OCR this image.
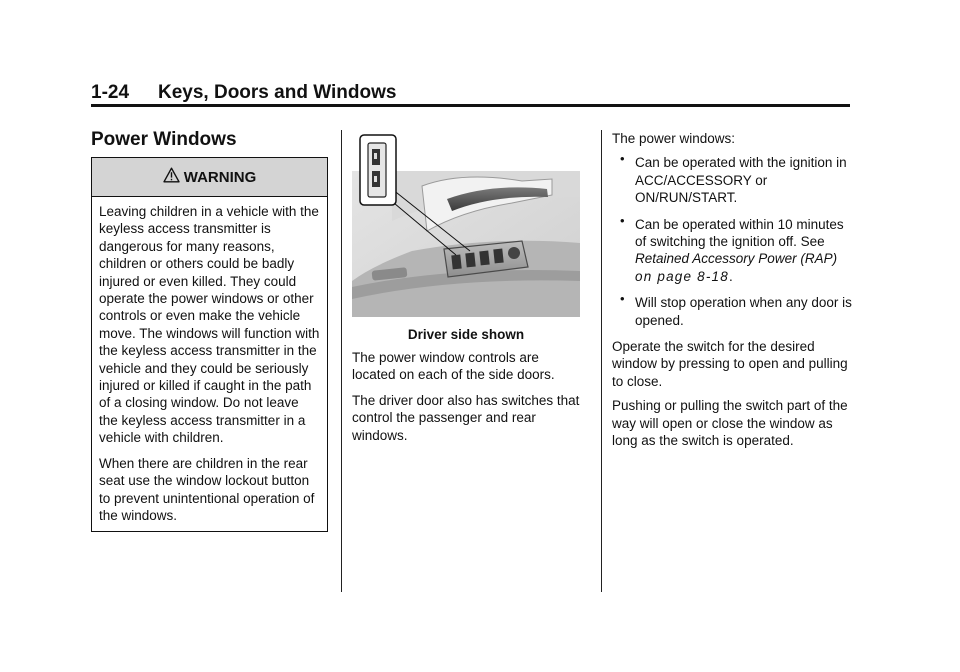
1-24 Keys, Doors and Windows
Power Windows
WARNING

Leaving children in a vehicle with the keyless access transmitter is dangerous for many reasons, children or others could be badly injured or even killed. They could operate the power windows or other controls or even make the vehicle move. The windows will function with the keyless access transmitter in the vehicle and they could be seriously injured or killed if caught in the path of a closing window. Do not leave the keyless access transmitter in a vehicle with children.

When there are children in the rear seat use the window lockout button to prevent unintentional operation of the windows.

Driver side shown

The power window controls are located on each of the side doors.

The driver door also has switches that control the passenger and rear windows.

The power windows:

• Can be operated with the ignition in ACC/ACCESSORY or ON/RUN/START.
• Can be operated within 10 minutes of switching the ignition off. See Retained Accessory Power (RAP) on page 8-18.
• Will stop operation when any door is opened.

Operate the switch for the desired window by pressing to open and pulling to close.

Pushing or pulling the switch part of the way will open or close the window as long as the switch is operated.
